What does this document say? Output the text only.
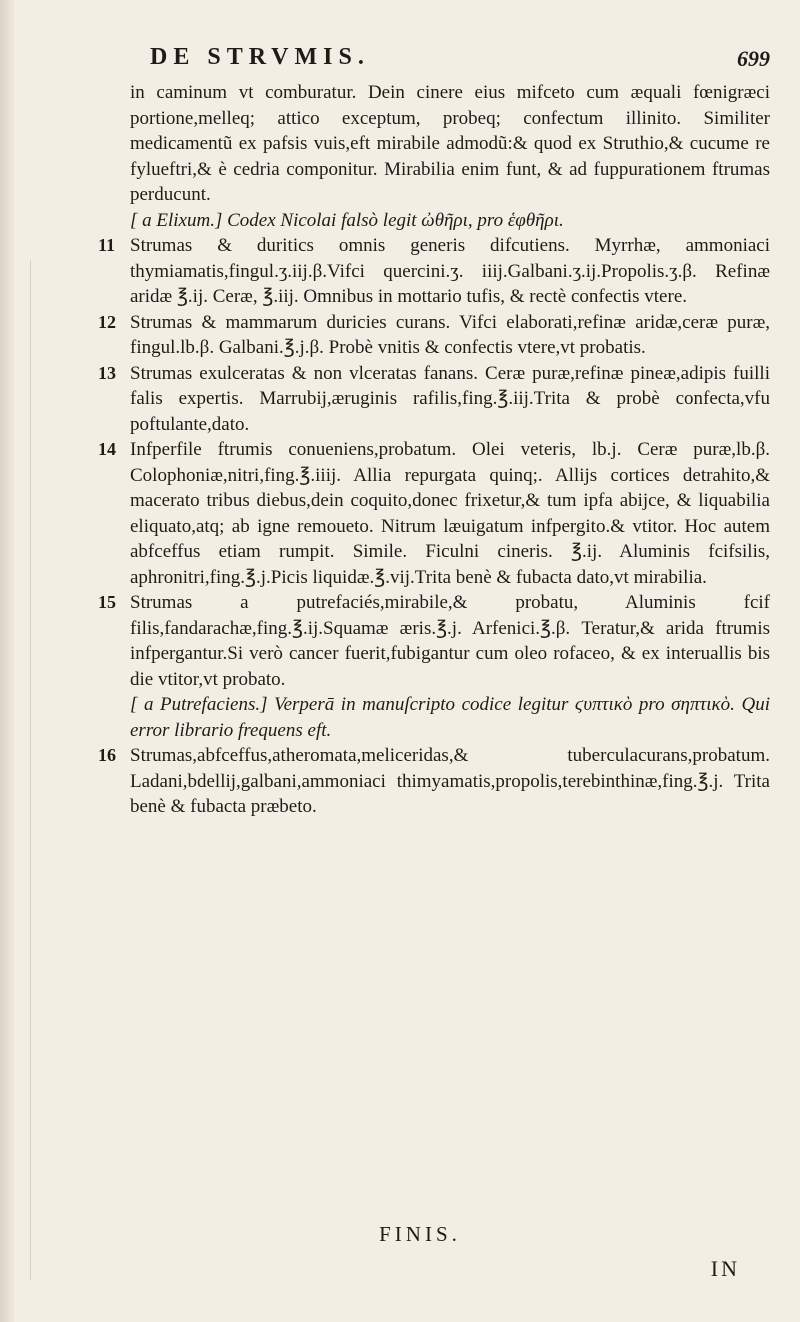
DE STRVMIS.	699

in caminum vt comburatur. Dein cinere eius mifceto cum æquali fœnigræci portione,melleq; attico exceptum, probeq; confectum illinito. Similiter medicamentũ ex pafsis vuis,eft mirabile admodũ:& quod ex Struthio,& cucume re fylueftri,& è cedria componitur. Mirabilia enim funt, & ad fuppurationem ftrumas perducunt.

[ a Elixum.] Codex Nicolai falsò legit ὠθῆρι, pro ἑφθῆρι.

11 Strumas & duritics omnis generis difcutiens. Myrrhæ, ammoniaci thymiamatis,fingul.ʒ.iij.β.Vifci quercini.ʒ. iiij.Galbani.ʒ.ij.Propolis.ʒ.β. Refinæ aridæ ℥.ij. Ceræ, ℥.iij. Omnibus in mottario tufis, & rectè confectis vtere.

12 Strumas & mammarum duricies curans. Vifci elaborati,refinæ aridæ,ceræ puræ, fingul.lb.β. Galbani.℥.j.β. Probè vnitis & confectis vtere,vt probatis.

13 Strumas exulceratas & non vlceratas fanans. Ceræ puræ,refinæ pineæ,adipis fuilli falis expertis. Marrubij,æruginis rafilis,fing.℥.iij.Trita & probè confecta,vfu poftulante,dato.

14 Infperfile ftrumis conueniens,probatum. Olei veteris, lb.j. Ceræ puræ,lb.β. Colophoniæ,nitri,fing.℥.iiij. Allia repurgata quinq;. Allijs cortices detrahito,& macerato tribus diebus,dein coquito,donec frixetur,& tum ipfa abijce, & liquabilia eliquato,atq; ab igne remoueto. Nitrum læuigatum infpergito.& vtitor. Hoc autem abfceffus etiam rumpit. Simile. Ficulni cineris. ℥.ij. Aluminis fcifsilis, aphronitri,fing.℥.j.Picis liquidæ.℥.vij.Trita benè & fubacta dato,vt mirabilia.

15 Strumas a putrefaciés,mirabile,& probatu, Aluminis fcif filis,fandarachæ,fing.℥.ij.Squamæ æris.℥.j. Arfenici.℥.β. Teratur,& arida ftrumis infpergantur.Si verò cancer fuerit,fubigantur cum oleo rofaceo, & ex interuallis bis die vtitor,vt probato.

[ a Putrefaciens.] Verperā in manuſcripto codice legitur ϛυπτικὸ pro σηπτικὸ. Qui error librario frequens eft.

16 Strumas,abfceffus,atheromata,meliceridas,& tuberculacurans,probatum. Ladani,bdellij,galbani,ammoniaci thimyamatis,propolis,terebinthinæ,fing.℥.j. Trita benè & fubacta præbeto.

FINIS.
IN
